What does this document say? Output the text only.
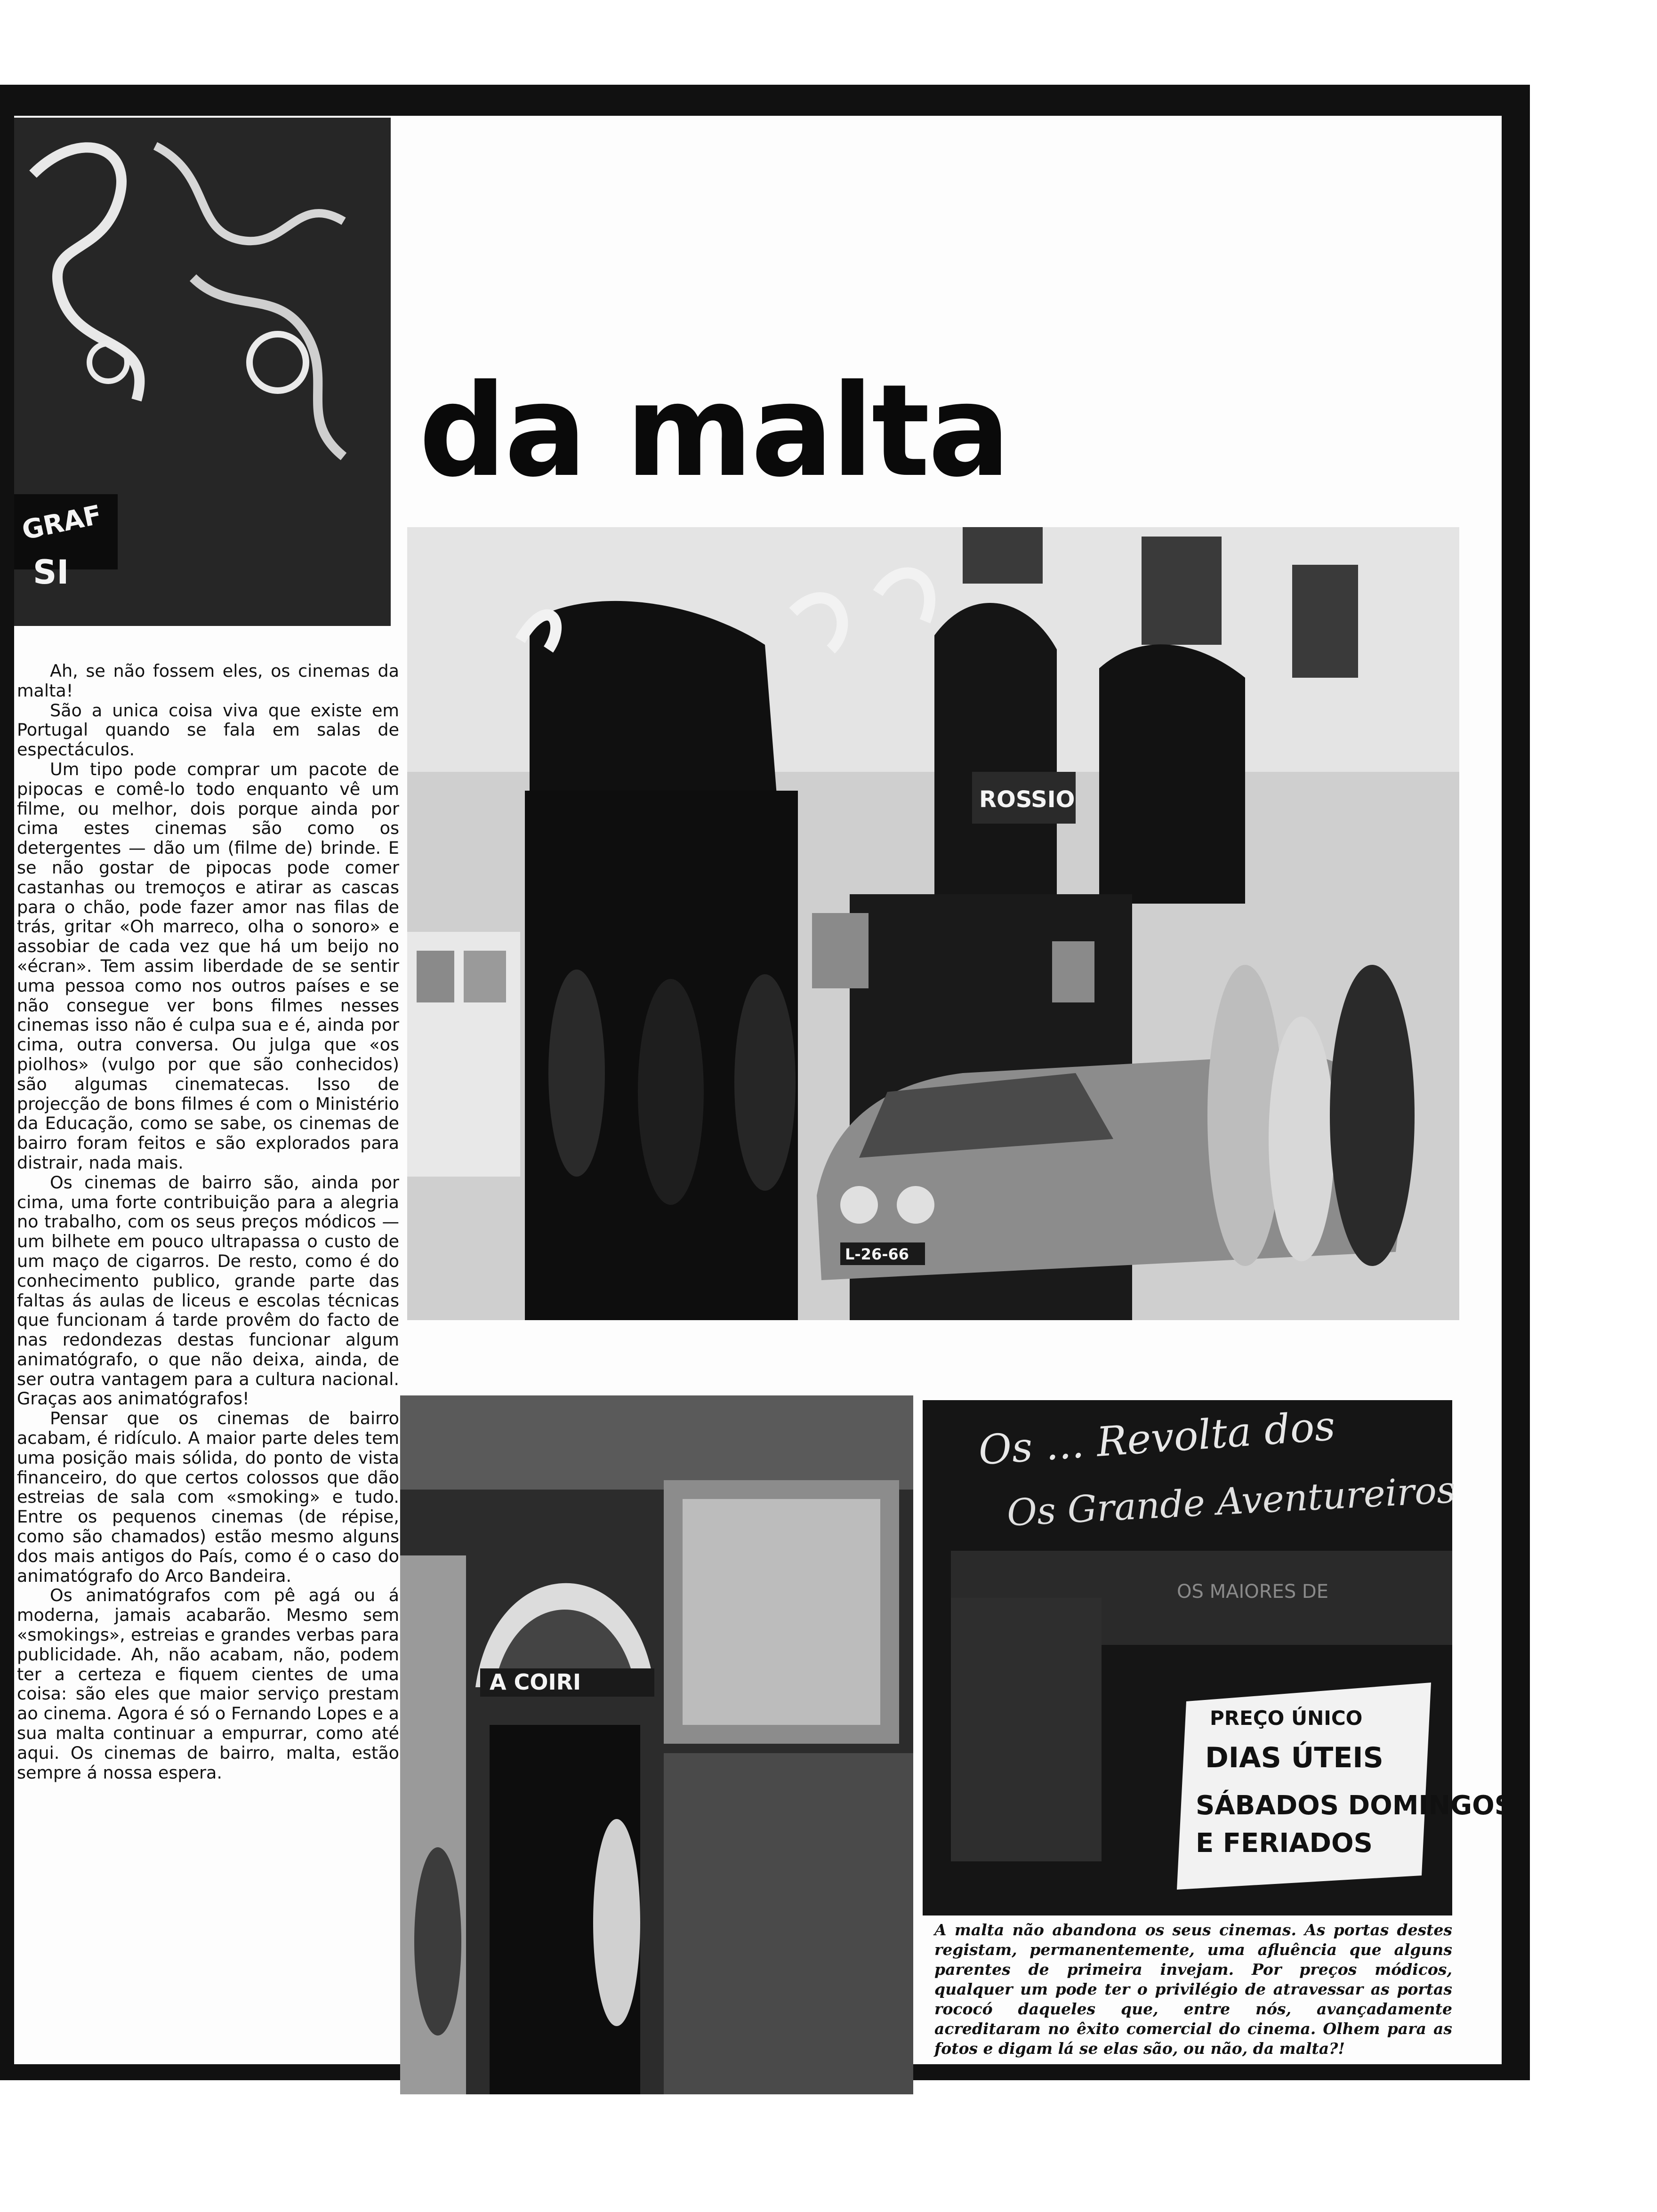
GRAF
SI
da malta
ROSSIO
L-26-66
A COIRI
Os ... Revolta dos
Os Grande Aventureiros
OS MAIORES DE
PREÇO ÚNICO
DIAS ÚTEIS
SÁBADOS DOMINGOS
E FERIADOS

Ah, se não fossem eles, os cinemas da malta!

São a unica coisa viva que existe em Portugal quando se fala em salas de espectáculos.

Um tipo pode comprar um pacote de pipocas e comê-lo todo enquanto vê um filme, ou melhor, dois porque ainda por cima estes cinemas são como os detergentes — dão um (filme de) brinde. E se não gostar de pipocas pode comer castanhas ou tremoços e atirar as cascas para o chão, pode fazer amor nas filas de trás, gritar «Oh marreco, olha o sonoro» e assobiar de cada vez que há um beijo no «écran». Tem assim liberdade de se sentir uma pessoa como nos outros países e se não consegue ver bons filmes nesses cinemas isso não é culpa sua e é, ainda por cima, outra conversa. Ou julga que «os piolhos» (vulgo por que são conhecidos) são algumas cinematecas. Isso de projecção de bons filmes é com o Ministério da Educação, como se sabe, os cinemas de bairro foram feitos e são explorados para distrair, nada mais.

Os cinemas de bairro são, ainda por cima, uma forte contribuição para a alegria no trabalho, com os seus preços módicos — um bilhete em pouco ultrapassa o custo de um maço de cigarros. De resto, como é do conhecimento publico, grande parte das faltas ás aulas de liceus e escolas técnicas que funcionam á tarde provêm do facto de nas redondezas destas funcionar algum animatógrafo, o que não deixa, ainda, de ser outra vantagem para a cultura nacional. Graças aos animatógrafos!

Pensar que os cinemas de bairro acabam, é ridículo. A maior parte deles tem uma posição mais sólida, do ponto de vista financeiro, do que certos colossos que dão estreias de sala com «smoking» e tudo. Entre os pequenos cinemas (de répise, como são chamados) estão mesmo alguns dos mais antigos do País, como é o caso do animatógrafo do Arco Bandeira.

Os animatógrafos com pê agá ou á moderna, jamais acabarão. Mesmo sem «smokings», estreias e grandes verbas para publicidade. Ah, não acabam, não, podem ter a certeza e fiquem cientes de uma coisa: são eles que maior serviço prestam ao cinema. Agora é só o Fernando Lopes e a sua malta continuar a empurrar, como até aqui. Os cinemas de bairro, malta, estão sempre á nossa espera.

A malta não abandona os seus cinemas. As portas destes registam, permanentemente, uma afluência que alguns parentes de primeira invejam. Por preços módicos, qualquer um pode ter o privilégio de atravessar as portas rococó daqueles que, entre nós, avançadamente acreditaram no êxito comercial do cinema. Olhem para as fotos e digam lá se elas são, ou não, da malta?!
